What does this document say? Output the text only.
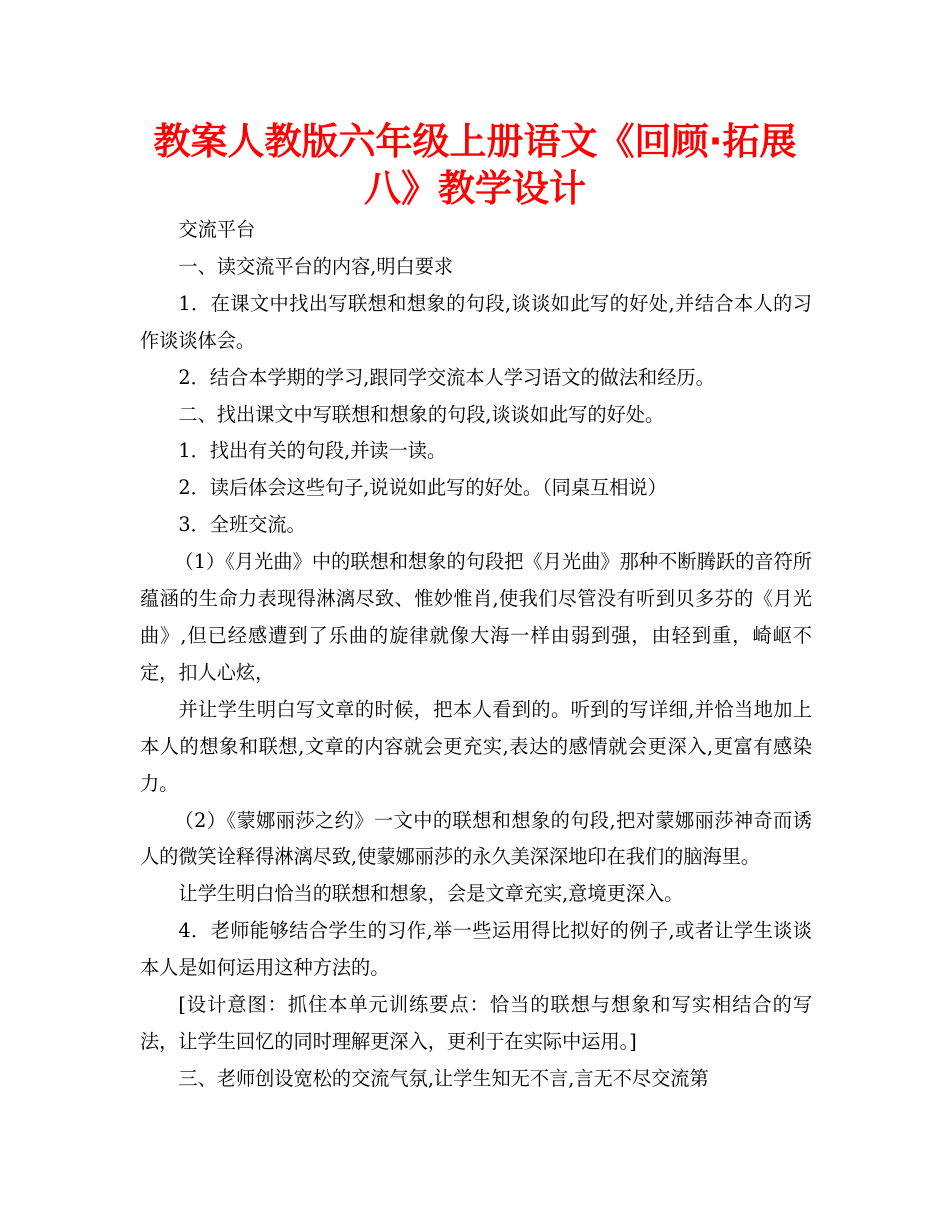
教案人教版六年级上册语文《回顾·拓展
八》教学设计

交流平台

一、读交流平台的内容,明白要求

1．在课文中找出写联想和想象的句段,谈谈如此写的好处,并结合本人的习作谈谈体会。

2．结合本学期的学习,跟同学交流本人学习语文的做法和经历。

二、找出课文中写联想和想象的句段,谈谈如此写的好处。

1．找出有关的句段,并读一读。

2．读后体会这些句子,说说如此写的好处。（同桌互相说）

3．全班交流。

（1）《月光曲》中的联想和想象的句段把《月光曲》那种不断腾跃的音符所蕴涵的生命力表现得淋漓尽致、惟妙惟肖,使我们尽管没有听到贝多芬的《月光曲》,但已经感遭到了乐曲的旋律就像大海一样由弱到强，由轻到重，崎岖不定，扣人心炫，

并让学生明白写文章的时候，把本人看到的。听到的写详细,并恰当地加上本人的想象和联想,文章的内容就会更充实,表达的感情就会更深入,更富有感染力。

（2）《蒙娜丽莎之约》一文中的联想和想象的句段,把对蒙娜丽莎神奇而诱人的微笑诠释得淋漓尽致,使蒙娜丽莎的永久美深深地印在我们的脑海里。

让学生明白恰当的联想和想象，会是文章充实,意境更深入。

4．老师能够结合学生的习作,举一些运用得比拟好的例子,或者让学生谈谈本人是如何运用这种方法的。

[设计意图：抓住本单元训练要点：恰当的联想与想象和写实相结合的写法，让学生回忆的同时理解更深入，更利于在实际中运用。]

三、老师创设宽松的交流气氛,让学生知无不言,言无不尽交流第
